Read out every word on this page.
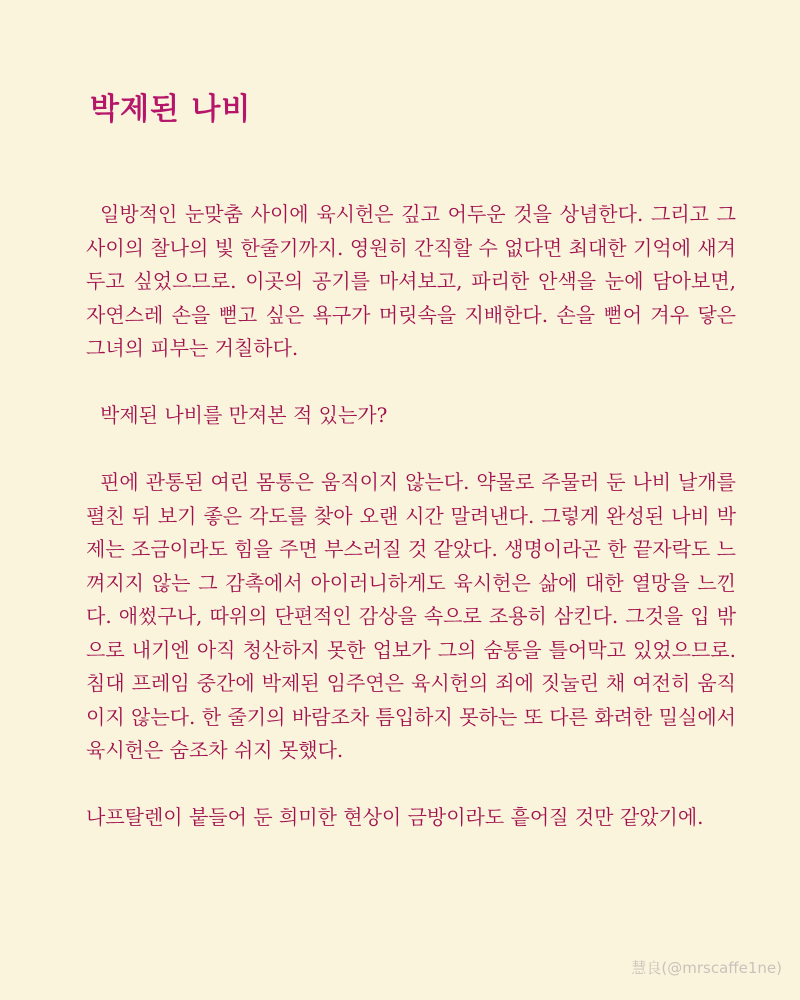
박제된 나비

일방적인 눈맞춤 사이에 육시헌은 깊고 어두운 것을 상념한다. 그리고 그 사이의 찰나의 빛 한줄기까지. 영원히 간직할 수 없다면 최대한 기억에 새겨두고 싶었으므로. 이곳의 공기를 마셔보고, 파리한 안색을 눈에 담아보면, 자연스레 손을 뻗고 싶은 욕구가 머릿속을 지배한다. 손을 뻗어 겨우 닿은 그녀의 피부는 거칠하다.

박제된 나비를 만져본 적 있는가?

핀에 관통된 여린 몸통은 움직이지 않는다. 약물로 주물러 둔 나비 날개를 펼친 뒤 보기 좋은 각도를 찾아 오랜 시간 말려낸다. 그렇게 완성된 나비 박제는 조금이라도 힘을 주면 부스러질 것 같았다. 생명이라곤 한 끝자락도 느껴지지 않는 그 감촉에서 아이러니하게도 육시헌은 삶에 대한 열망을 느낀다. 애썼구나, 따위의 단편적인 감상을 속으로 조용히 삼킨다. 그것을 입 밖으로 내기엔 아직 청산하지 못한 업보가 그의 숨통을 틀어막고 있었으므로. 침대 프레임 중간에 박제된 임주연은 육시헌의 죄에 짓눌린 채 여전히 움직이지 않는다. 한 줄기의 바람조차 틈입하지 못하는 또 다른 화려한 밀실에서 육시헌은 숨조차 쉬지 못했다.

나프탈렌이 붙들어 둔 희미한 현상이 금방이라도 흩어질 것만 같았기에.

慧良(@mrscaffe1ne)
